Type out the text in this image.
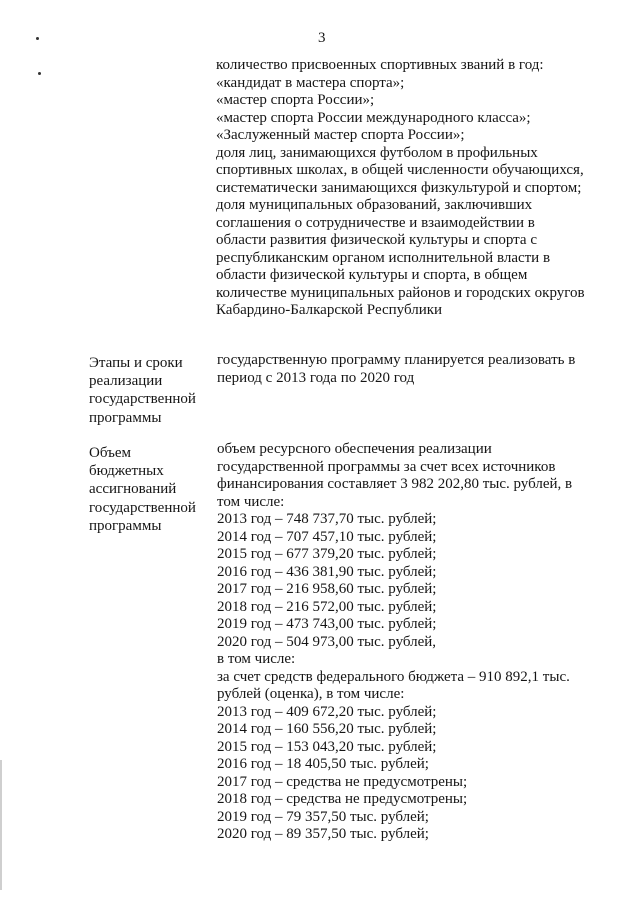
3
количество присвоенных спортивных званий в год:
«кандидат в мастера спорта»;
«мастер спорта России»;
«мастер спорта России международного класса»;
«Заслуженный мастер спорта России»;
доля лиц, занимающихся футболом в профильных
спортивных школах, в общей численности обучающихся,
систематически занимающихся физкультурой и спортом;
доля муниципальных образований, заключивших
соглашения о сотрудничестве и взаимодействии в
области развития физической культуры и спорта с
республиканским органом исполнительной власти в
области физической культуры и спорта, в общем
количестве муниципальных районов и городских округов
Кабардино-Балкарской Республики
Этапы и сроки
реализации
государственной
программы
государственную программу планируется реализовать в
период с 2013 года по 2020 год
Объем
бюджетных
ассигнований
государственной
программы
объем ресурсного обеспечения реализации
государственной программы за счет всех источников
финансирования составляет 3 982 202,80 тыс. рублей, в
том числе:
2013 год – 748 737,70 тыс. рублей;
2014 год – 707 457,10 тыс. рублей;
2015 год – 677 379,20 тыс. рублей;
2016 год – 436 381,90 тыс. рублей;
2017 год – 216 958,60 тыс. рублей;
2018 год – 216 572,00 тыс. рублей;
2019 год – 473 743,00 тыс. рублей;
2020 год – 504 973,00 тыс. рублей,
в том числе:
за счет средств федерального бюджета – 910 892,1 тыс.
рублей (оценка), в том числе:
2013 год – 409 672,20 тыс. рублей;
2014 год – 160 556,20 тыс. рублей;
2015 год – 153 043,20 тыс. рублей;
2016 год – 18 405,50 тыс. рублей;
2017 год – средства не предусмотрены;
2018 год – средства не предусмотрены;
2019 год – 79 357,50 тыс. рублей;
2020 год – 89 357,50 тыс. рублей;
